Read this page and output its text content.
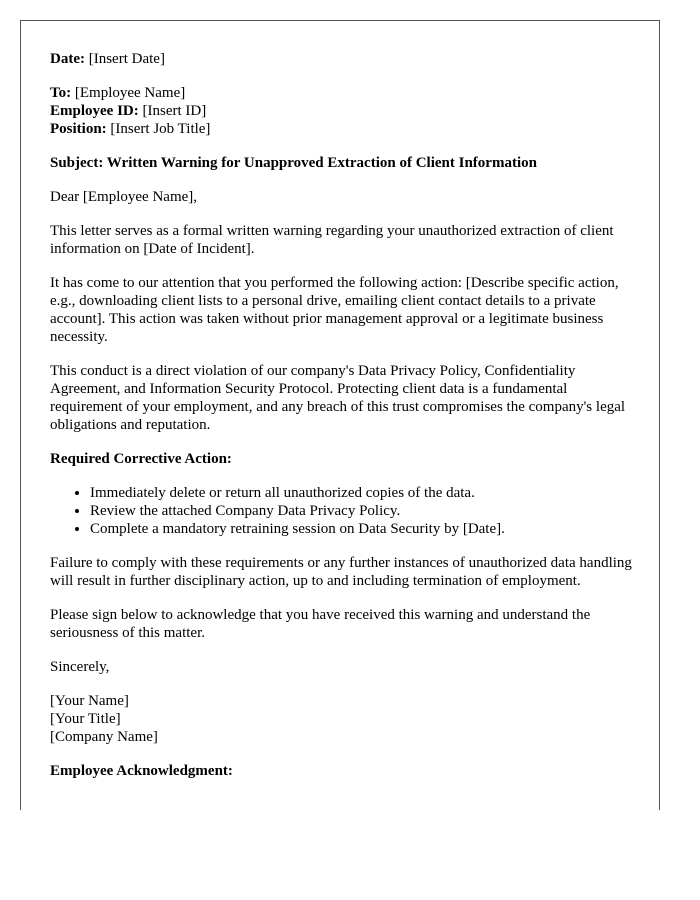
Date: [Insert Date]

To: [Employee Name]
Employee ID: [Insert ID]
Position: [Insert Job Title]

Subject: Written Warning for Unapproved Extraction of Client Information

Dear [Employee Name],

This letter serves as a formal written warning regarding your unauthorized extraction of client information on [Date of Incident].

It has come to our attention that you performed the following action: [Describe specific action, e.g., downloading client lists to a personal drive, emailing client contact details to a private account]. This action was taken without prior management approval or a legitimate business necessity.

This conduct is a direct violation of our company's Data Privacy Policy, Confidentiality Agreement, and Information Security Protocol. Protecting client data is a fundamental requirement of your employment, and any breach of this trust compromises the company's legal obligations and reputation.

Required Corrective Action:

• Immediately delete or return all unauthorized copies of the data.
• Review the attached Company Data Privacy Policy.
• Complete a mandatory retraining session on Data Security by [Date].

Failure to comply with these requirements or any further instances of unauthorized data handling will result in further disciplinary action, up to and including termination of employment.

Please sign below to acknowledge that you have received this warning and understand the seriousness of this matter.

Sincerely,

[Your Name]
[Your Title]
[Company Name]

Employee Acknowledgment:
